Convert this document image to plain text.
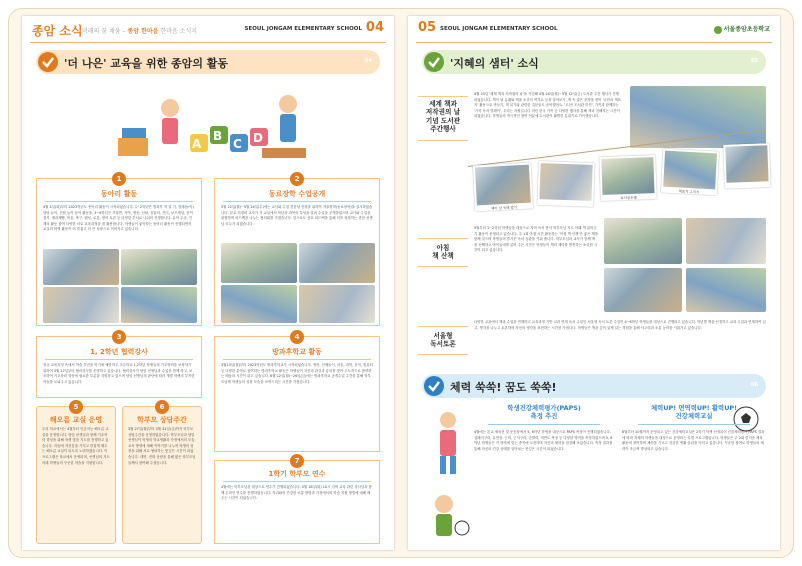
종암 소식 미래의 꿈 채움 – 종암 한마음 한마음 소식지	SEOUL JONGAM ELEMENTARY SCHOOL 04
'더 나은' 교육을 위한 종암의 활동	04
A
B
C D
1
동아리 활동
4월 4일(화)부터 2023학년도 종아리 활동이 시작되었습니다. 1~2학년은 방과후 학 업 기, 창체(놀이) 담당 놀이, 전담 놀이 동아 활동을, 3~6학년은 기타반, 가야, 방송, 난타, 컴퓨터, 연극, 보드게임, 종이 접기, 제과제빵, 미술, 축구, 펜싱, 로봇, 영어 토론 등 다양한 부서로 나뉘어 진행합니다. 유아 수준, 인재의 활동 참여 다양한 서로 교육과정을 잘 활용합니다. 학생들이 좋아하는 동아리 활동이 진행되면서 교실의 학생 활동이 더 즐겁고 더 큰 성장으로 이어지고 있습니다.
2
동료장학 수업공개
5월 22일(월)~5월 24일(수)에는 교사와 수업 전문성 신장을 위하여 자율장학(동료장학)을 실시하였습니다. 본교 저경력 교사가 각 교실에서 학년과 과목의 특성을 살려 수업을 공개하였으며 교사와 수업을 관찰하며 피드백을 나누는 협의회를 가졌습니다. 앞으로도 상호 피드백을 통해 더욱 성장하는 종암 선생님 모두가 되겠습니다.
3
1, 2학년 협력강사
정규 교육과정 속에서 학습 부진을 막기에 예방하고 초등학교 1,2학년 학생들의 기초학력을 보장하기 위하여 3월 27일부터 협력강사를 운영하고 있습니다. 협력강사가 담임 선생님과 수업을 함께 하고, 보조하여 기초학력 향상에 필요한 부분을 지원하고 있으며 담임 선생님의 판단에 따라 개별 학생의 부족한 학습을 도와주고 있습니다.
4
방과후학교 활동
3월13일(월)부터 2023학년도 방과후학교가 시작되었습니다. 영어, 신체놀이, 마술, 과학, 음악, 컴퓨터 등 다양한 분야로 참여하는 방과후학교 활동은 학생들이 자신의 관심과 흥미를 찾아 주도적으로 참여하는 배움의 시간이 되고 있습니다. 6월 22일(월)~26일(금)에는 방과후학교 공개수업 주간을 통해 학부모님께 학생들의 성장 모습을 보여드리는 시간을 가졌습니다.
5
해오름 교실 운영
우리 학교에서는 4월부터 인공지능 해오름 교실을 운영합니다. 담임 선생님과 함께 기초학력 향상을 위해 학생 맞춤 지도를 진행하고 있습니다. 학습에 자신감을 가지고 즐겁게 배우는 해오름 교실이 되도록 노력하겠습니다. 이 프로그램은 학교에서 운영되며, 선생님의 지도 아래 학생들의 꾸준한 학습을 지원합니다.
6
학부모 상담주간
3월 27일(월)부터 3월 31일(금)까지 학부모 상담주간을 운영하였습니다. 학부모님과 담임 선생님이 학생의 학교생활과 가정에서의 모습, 교육 방향에 대해 이야기를 나누며 학생의 성장을 위해 서로 협력하는 뜻깊은 시간이 되었습니다. 대면, 전화 상담을 통해 많은 학부모님들께서 참여해 주셨습니다.	7
1학기 학부모 연수
4월에는 학부모님을 대상으로 연수가 진행되었습니다. 4월 18일(화) 10시 지역 교육 관련 강사님과 함께 온라인 연수를 진행하였습니다. 자녀와의 건강한 소통 방법과 가정에서의 학습 지원 방법에 대해 배우는 시간이 되었습니다.
05 SEOUL JONGAM ELEMENTARY SCHOOL	서울종암초등학교
'지혜의 샘터' 소식	05
세계 책과
저작권의 날
기념 도서관
주간행사
4월 23일 '세계 책과 저작권의 날'을 기념해 4월 24일(월)~5월 12일(금) 도서관 주간 행사가 진행되었습니다. 책이 날 유래와 책을 소중히 여겨요 등을 알아보기, 책 속 좋은 문장을 찾아 '나만의 책표지' 활동으로 만들기, 책 읽기와 관련한 질문들도 준비했어요. '도전! 도서관 미션', 가족과 함께하는 '가족 독서 릴레이', 우리는 자원입니다 미션 한국 가족 등 다양한 행사를 통해 책과 친해지는 시간이 되었습니다. 학생들의 적극적인 참여 덕분에 도서관이 활발한 분위기로 가득했습니다.
책이 날 유래 알기
독서골든벨
책표지 그리기
아침
책 산책
5월부터 1~2학년 학생들을 대상으로 지역 독서 봉사 학부모님 지도 아래 책 읽어주기 활동이 운영되고 있습니다. 주 1회 아침 시간 활동하는 '아침 책 산책'은 좋은 책을 함께 읽으며 학생들의 즐거운 독서 습관을 키워 줍니다. 학부모님과 교사가 함께 책을 선택하고 아이들에게 읽어 주는 시간은 학생들이 책의 재미를 발견하는 소중한 시간이 되고 있습니다.
서울형
독서토론
다양한 교과에서 책과 수업을 연계하고 교육과정 기반 교과 연계 독서 수업인 서울형 독서 토론 수업이 4~6학년 학생들을 대상으로 진행되고 있습니다. 학년별 책을 선정하고 교과 수업과 연계하여 읽고, 생각을 나누고 토론하며 자신의 생각을 표현하는 시간을 가집니다. 학생들은 책을 깊이 있게 읽는 경험을 통해 사고력과 소통 능력을 키워가고 있습니다.
체력 쑥쑥! 꿈도 쑥쑥!	06
학생건강체력평가(PAPS)
측정 추진
4월에는 본교 체육전 및 운동장에서 5, 6학년 학생을 대상으로 PAPS 측정이 진행되었습니다. 심폐지구력, 유연성, 근력, 근지구력, 순발력, 비만도 측정 등 다양한 영역을 측정하였으며 5, 6학년 학생들은 각 영역에 맞는 종목에 도전하며 자신의 체력을 점검해 보았습니다. 측정 결과를 통해 자신의 건강 상태를 알아보는 뜻깊은 시간이 되었습니다.
체력UP! 면역력UP! 활력UP!
건강체력교실
6월부터 10월까지 운영되고 있는 건강체력교실은 2학기 학생 선정되어 건강체력평가 PAPS 결과에 따라 저체력 학생들을 대상으로 운영되는 특별 프로그램입니다. 학생들은 주 2회 즐거운 체육 활동에 참여하며 체력을 기르고 건강한 생활 습관을 익히고 있습니다. 꾸준한 참여로 학생들의 체력이 조금씩 향상되고 있습니다.
